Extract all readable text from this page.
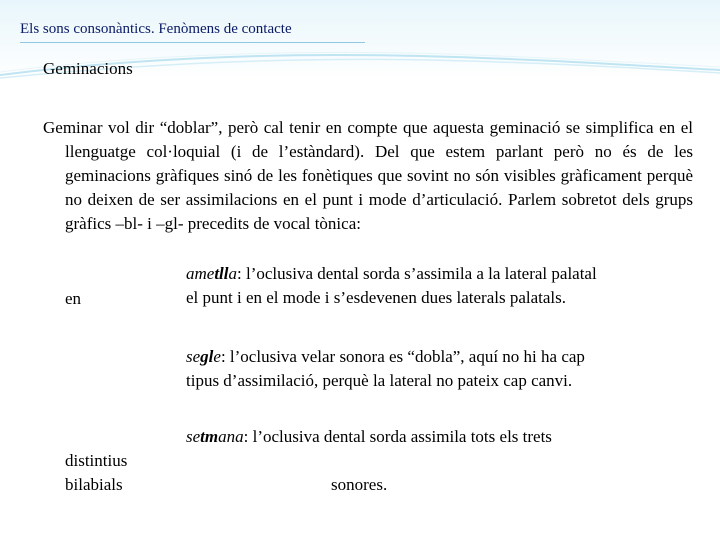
Els sons consonàntics. Fenòmens de contacte
Geminacions

Geminar vol dir “doblar”, però cal tenir en compte que aquesta geminació se simplifica en el llenguatge col·loquial (i de l’estàndard). Del que estem parlant però no és de les geminacions gràfiques sinó de les fonètiques que sovint no són visibles gràficament perquè no deixen de ser assimilacions en el punt i mode d’articulació. Parlem sobretot dels grups gràfics –bl- i –gl- precedits de vocal tònica:

en
ametlla: l’oclusiva dental sorda s’assimila a la lateral palatal
el punt i en el mode i s’esdevenen dues laterals palatals.
segle: l’oclusiva velar sonora es “dobla”, aquí no hi ha cap
tipus d’assimilació, perquè la lateral no pateix cap canvi.
setmana: l’oclusiva dental sorda assimila tots els trets
distintius
bilabials	sonores.
